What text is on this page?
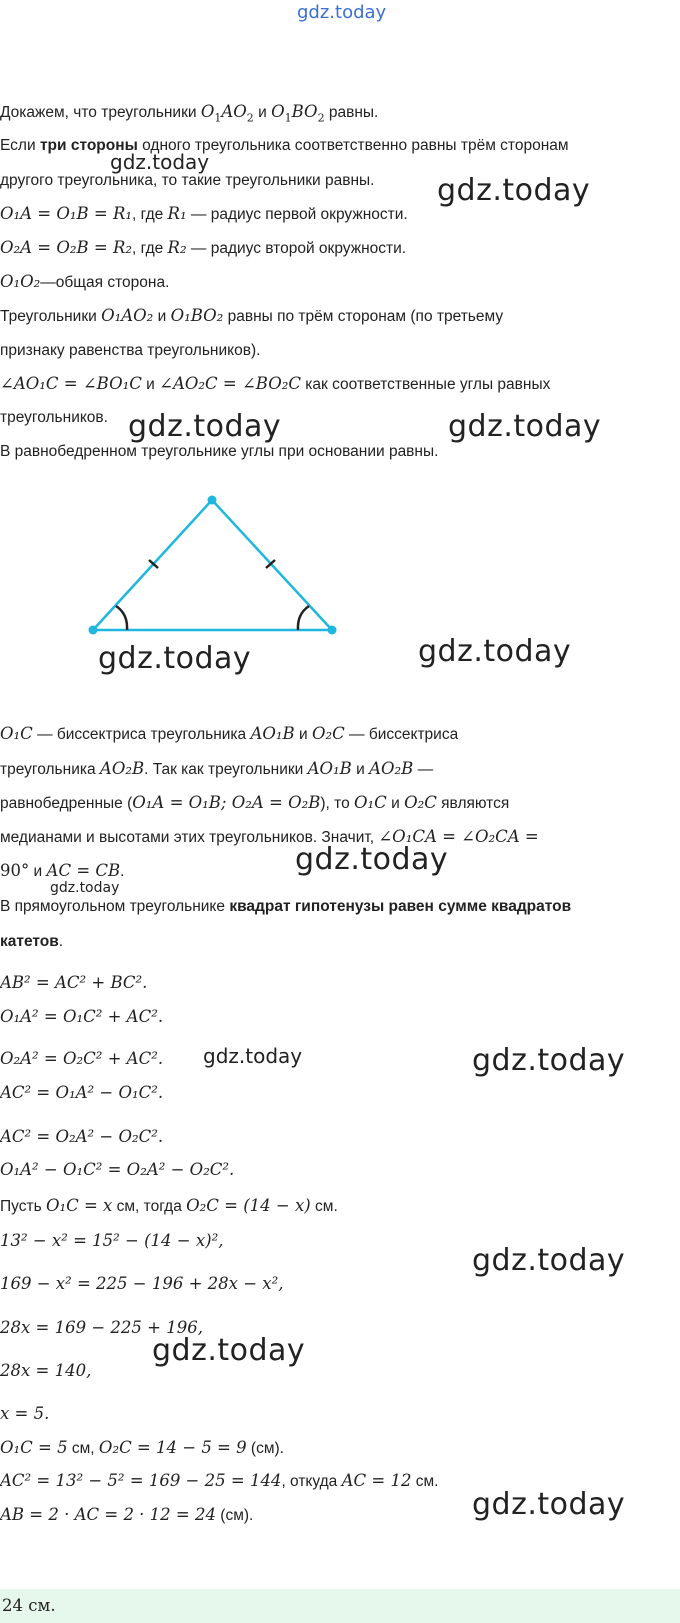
gdz.today

Докажем, что треугольники $O_1AO_2$ и $O_1BO_2$ равны.

Если три стороны одного треугольника соответственно равны трём сторонам

другого треугольника, то такие треугольники равны.

O₁A = O₁B = R₁, где R₁ — радиус первой окружности.

O₂A = O₂B = R₂, где R₂ — радиус второй окружности.

O₁O₂—общая сторона.

Треугольники O₁AO₂ и O₁BO₂ равны по трём сторонам (по третьему

признаку равенства треугольников).

∠AO₁C = ∠BO₁C и ∠AO₂C = ∠BO₂C как соответственные углы равных

треугольников.

В равнобедренном треугольнике углы при основании равны.

O₁C — биссектриса треугольника AO₁B и O₂C — биссектриса

треугольника AO₂B. Так как треугольники AO₁B и AO₂B —

равнобедренные (O₁A = O₁B; O₂A = O₂B), то O₁C и O₂C являются

медианами и высотами этих треугольников. Значит, ∠O₁CA = ∠O₂CA =

90° и AC = CB.

В прямоугольном треугольнике квадрат гипотенузы равен сумме квадратов

катетов.

AB² = AC² + BC².

O₁A² = O₁C² + AC².

O₂A² = O₂C² + AC².

AC² = O₁A² − O₁C².

AC² = O₂A² − O₂C².

O₁A² − O₁C² = O₂A² − O₂C².

Пусть O₁C = x см, тогда O₂C = (14 − x) см.

13² − x² = 15² − (14 − x)²,

169 − x² = 225 − 196 + 28x − x²,

28x = 169 − 225 + 196,

28x = 140,

x = 5.

O₁C = 5 см, O₂C = 14 − 5 = 9 (см).

AC² = 13² − 5² = 169 − 25 = 144, откуда AC = 12 см.

AB = 2 · AC = 2 · 12 = 24 (см).

24 см.
gdz.today
gdz.today
gdz.today	gdz.today
gdz.today	gdz.today
gdz.today
gdz.today
gdz.today	gdz.today
gdz.today
gdz.today
gdz.today
